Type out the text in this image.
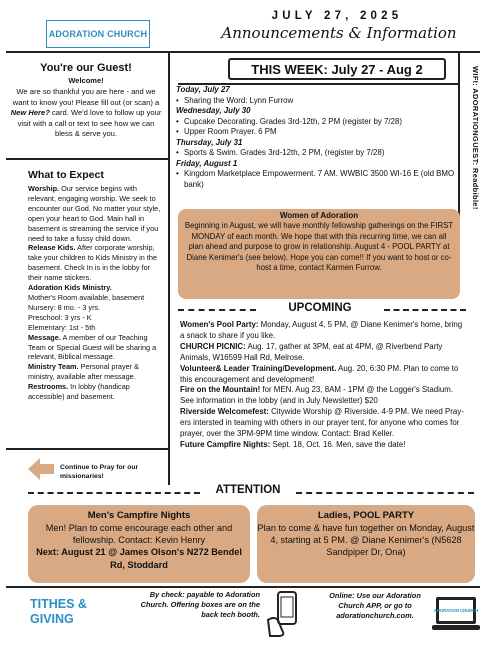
ADORATION CHURCH
JULY 27, 2025
Announcements & Information
You're our Guest!
Welcome!
We are so thankful you are here - and we want to know you! Please fill out (or scan) a New Here? card. We'd love to follow up your visit with a call or text to see how we can bless & serve you.
What to Expect

Worship. Our service begins with relevant, engaging worship. We seek to encounter our God. No matter your style, open your heart to God. Main hall in basement is streaming the service if you need to take a fussy child down.

Release Kids. After corporate worship, take your children to Kids Ministry in the basement. Check In is in the lobby for their name stickers.

Adoration Kids Ministry.

Mother's Room available, basement

Nursery: 8 mo. - 3 yrs.

Preschool: 3 yrs - K

Elementary: 1st - 5th

Message. A member of our Teaching Team or Special Guest will be sharing a relevant, Biblical message.

Ministry Team. Personal prayer & ministry, available after message.

Restrooms. In lobby (handicap accessible) and basement.

Continue to Pray for our missionaries!
THIS WEEK: July 27 - Aug 2	WIFI: ADORATIONGUEST: Readbible!
Today, July 27
• Sharing the Word: Lynn Furrow
Wednesday, July 30
• Cupcake Decorating. Grades 3rd-12th, 2 PM (register by 7/28)
• Upper Room Prayer. 6 PM
Thursday, July 31
• Sports & Swim. Grades 3rd-12th, 2 PM, (register by 7/28)
Friday, August 1
• Kingdom Marketplace Empowerment. 7 AM. WWBIC 3500 WI-16 E (old BMO bank)
Women of Adoration
Beginning in August, we will have monthly fellowship gatherings on the FIRST MONDAY of each month. We hope that with this recurring time, we can all plan ahead and purpose to grow in relationship. August 4 - POOL PARTY at Diane Kenimer's (see below). Hope you can come!! If you want to host or co-host a time, contact Karmen Furrow.
UPCOMING
Women's Pool Party: Monday, August 4, 5 PM, @ Diane Kenimer's home, bring a snack to share if you like.
CHURCH PICNIC: Aug. 17, gather at 3PM, eat at 4PM, @ Riverbend Party Animals, W16599 Hall Rd, Melrose.
Volunteer& Leader Training/Development. Aug. 20, 6:30 PM. Plan to come to this encouragement and development!
Fire on the Mountain! for MEN. Aug 23, 8AM - 1PM @ the Logger's Stadium. See information in the lobby (and in July Newsletter) $20
Riverside Welcomefest: Citywide Worship @ Riverside. 4-9 PM. We need Pray-ers intersted in teaming with others in our prayer tent, for anyone who comes for prayer, over the 3PM-9PM time window. Contact: Brad Keller.
Future Campfire Nights: Sept. 18, Oct. 16. Men, save the date!
ATTENTION
Men's Campfire Nights
Men! Plan to come encourage each other and fellowship. Contact: Kevin Henry
Next: August 21 @ James Olson's N272 Bendel Rd, Stoddard
Ladies, POOL PARTY
Plan to come & have fun together on Monday, August 4, starting at 5 PM. @ Diane Kenimer's (N5628 Sandpiper Dr, Ona)
TITHES &
GIVING
By check: payable to Adoration Church. Offering boxes are on the back tech booth.
Online: Use our Adoration Church APP, or go to adorationchurch.com.
ADORATION CHURCH
